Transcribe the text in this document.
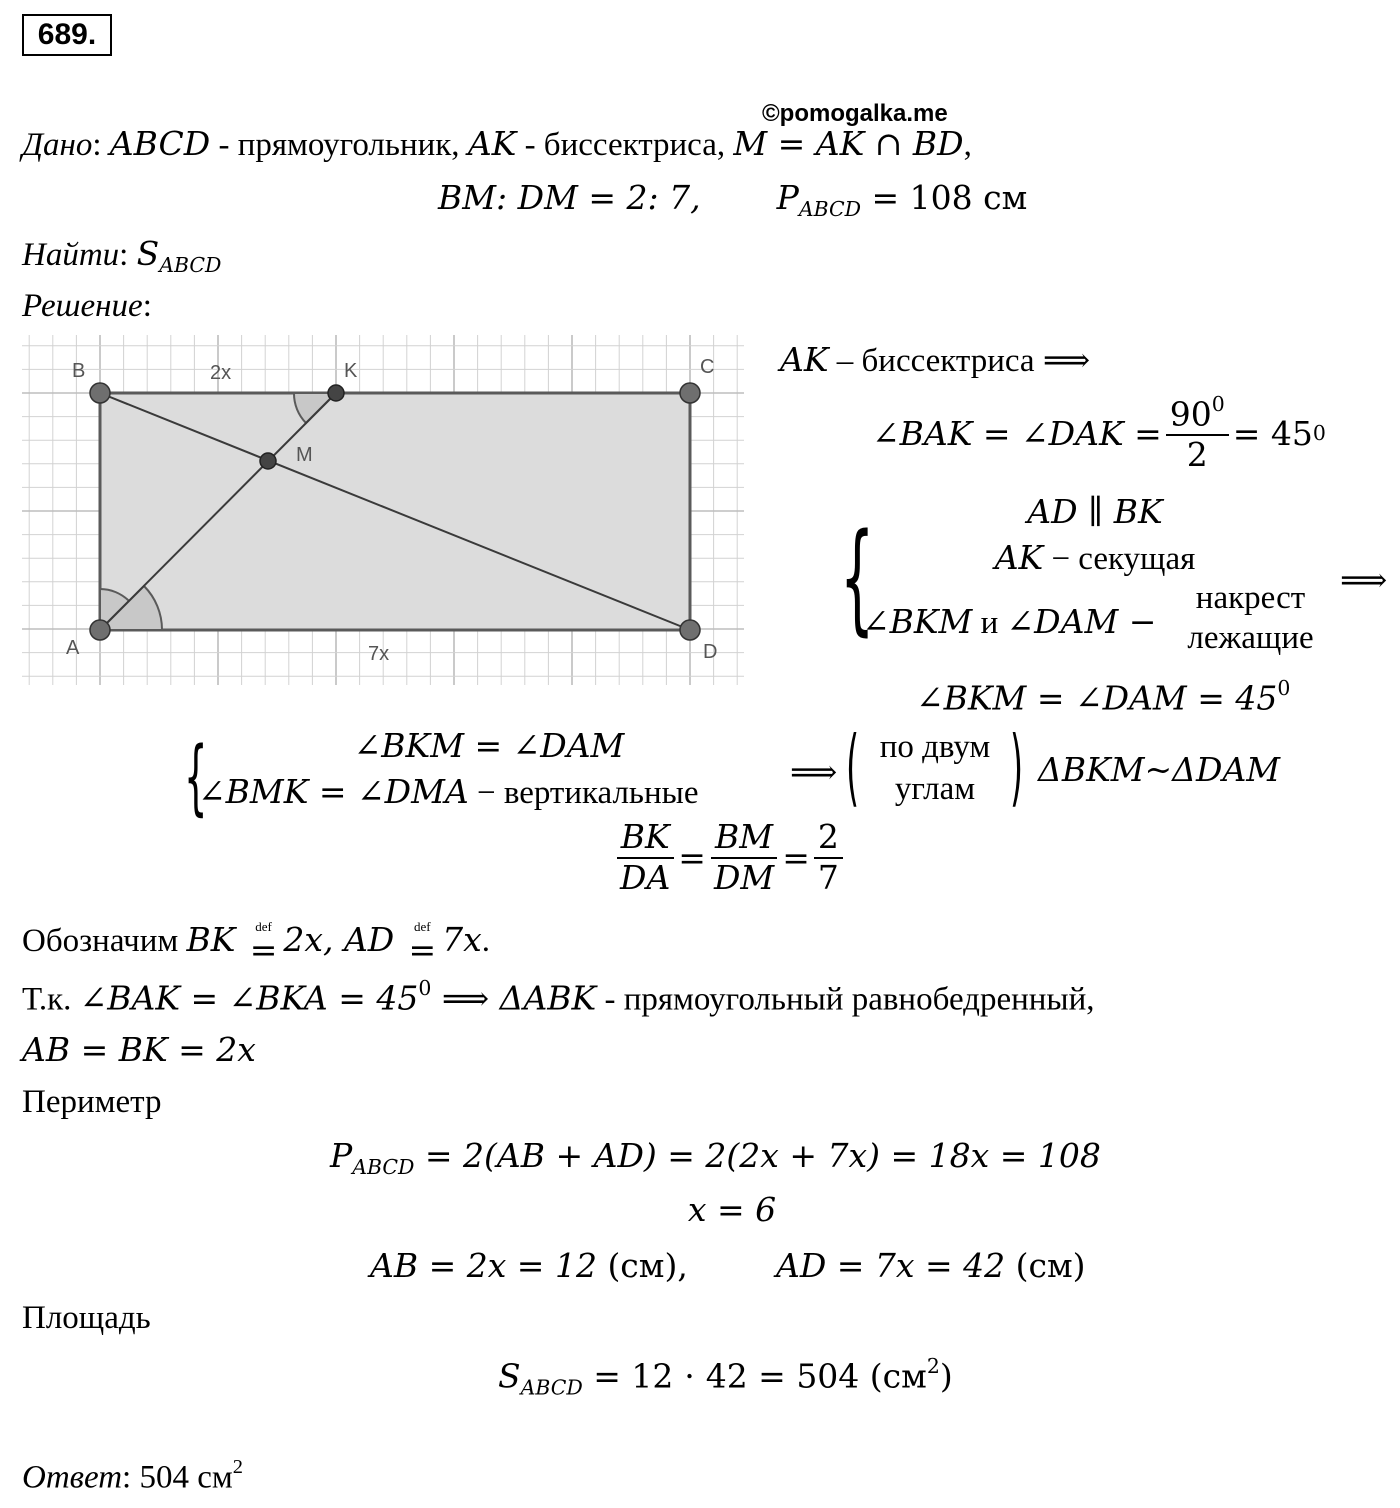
689.
©pomogalka.me
Дано: ABCD - прямоугольник, AK - биссектриса, M = AK ∩ BD,
BM: DM = 2: 7, $P_{ABCD} = 108$ см
Найти: $S_{ABCD}$
Решение:
B	K	C
A	D
M
2x
7x
AK – биссектриса ⟹
∠BAK = ∠DAK = $\frac{90^0}{2} = 45$ 0
{	AD ∥ BK
AK − секущая
∠BKM и ∠DAM −
накрест
лежащие
⟹
∠BKM = ∠DAM = $45^0$
{	∠BKM = ∠DAM
∠BMK = ∠DMA − вертикальные
⟹ ( по двум
углам ) ΔBKM~ΔDAM
$\frac{BK}{DA} = \frac{BM}{DM} = \frac{2}{7}$
Обозначим BK def
= 2x, AD def
= 7x.
Т.к. ∠BAK = ∠BKA = $45^0$ ⟹ ΔABK - прямоугольный равнобедренный,
AB = BK = 2x
Периметр
$P_{ABCD} = 2(AB + AD) = 2(2x + 7x) = 18x = 108$
x = 6
AB = 2x = 12 (см),	AD = 7x = 42 (см)
Площадь
$S_{ABCD} = 12 \cdot 42 = 504$ $(см^2)$
Ответ: 504 $см^2$
